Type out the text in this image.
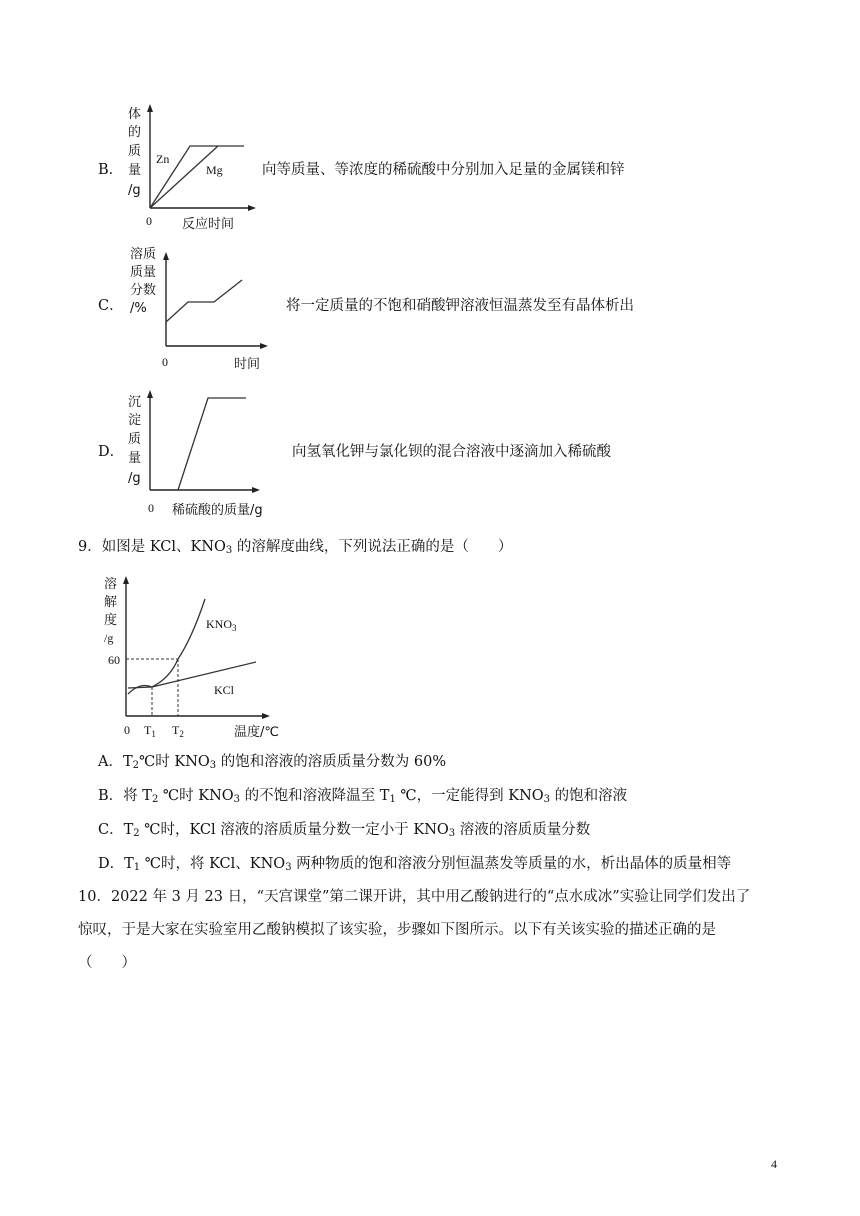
B．
体
的
质
量
/g
Zn
Mg
0 反应时间
向等质量、等浓度的稀硫酸中分别加入足量的金属镁和锌
C．
溶质
质量
分数
/%
0	时间
将一定质量的不饱和硝酸钾溶液恒温蒸发至有晶体析出
D．
沉
淀
质
量
/g
0 稀硫酸的质量/g
向氢氧化钾与氯化钡的混合溶液中逐滴加入稀硫酸
9．如图是 KCl、$KNO_3$ 的溶解度曲线，下列说法正确的是（　　）
溶
解
度
/g
$KNO_3$
KCl
60
0 $T_1$ $T_2$	温度/℃
A．$T_2℃$时 $KNO_3$ 的饱和溶液的溶质质量分数为 60%
B．将 $T_2$ ℃时 $KNO_3$ 的不饱和溶液降温至 $T_1$ ℃，一定能得到 $KNO_3$ 的饱和溶液
C．$T_2$ ℃时，KCl 溶液的溶质质量分数一定小于 $KNO_3$ 溶液的溶质质量分数
D．$T_1$ ℃时，将 KCl、$KNO_3$ 两种物质的饱和溶液分别恒温蒸发等质量的水，析出晶体的质量相等
10．2022 年 3 月 23 日，“天宫课堂”第二课开讲，其中用乙酸钠进行的“点水成冰”实验让同学们发出了
惊叹，于是大家在实验室用乙酸钠模拟了该实验，步骤如下图所示。以下有关该实验的描述正确的是
（　　）
4
